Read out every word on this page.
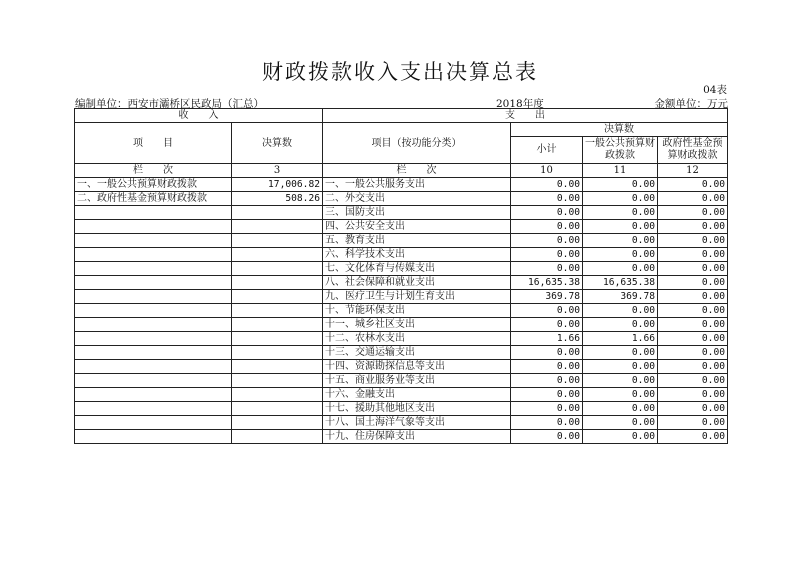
财政拨款收入支出决算总表
04表
编制单位：西安市灞桥区民政局（汇总）	2018年度	金额单位：万元
收　　入		支　　出			
项　　目	决算数	项目（按功能分类）	决算数		
			小计	一般公共预算财政拨款	政府性基金预算财政拨款
栏　　次	3	栏　　次	10	11	12
一、一般公共预算财政拨款	17,006.82	一、一般公共服务支出	0.00	0.00	0.00
二、政府性基金预算财政拨款	508.26	二、外交支出	0.00	0.00	0.00
		三、国防支出	0.00	0.00	0.00
		四、公共安全支出	0.00	0.00	0.00
		五、教育支出	0.00	0.00	0.00
		六、科学技术支出	0.00	0.00	0.00
		七、文化体育与传媒支出	0.00	0.00	0.00
		八、社会保障和就业支出	16,635.38	16,635.38	0.00
		九、医疗卫生与计划生育支出	369.78	369.78	0.00
		十、节能环保支出	0.00	0.00	0.00
		十一、城乡社区支出	0.00	0.00	0.00
		十二、农林水支出	1.66	1.66	0.00
		十三、交通运输支出	0.00	0.00	0.00
		十四、资源勘探信息等支出	0.00	0.00	0.00
		十五、商业服务业等支出	0.00	0.00	0.00
		十六、金融支出	0.00	0.00	0.00
		十七、援助其他地区支出	0.00	0.00	0.00
		十八、国土海洋气象等支出	0.00	0.00	0.00
		十九、住房保障支出	0.00	0.00	0.00
